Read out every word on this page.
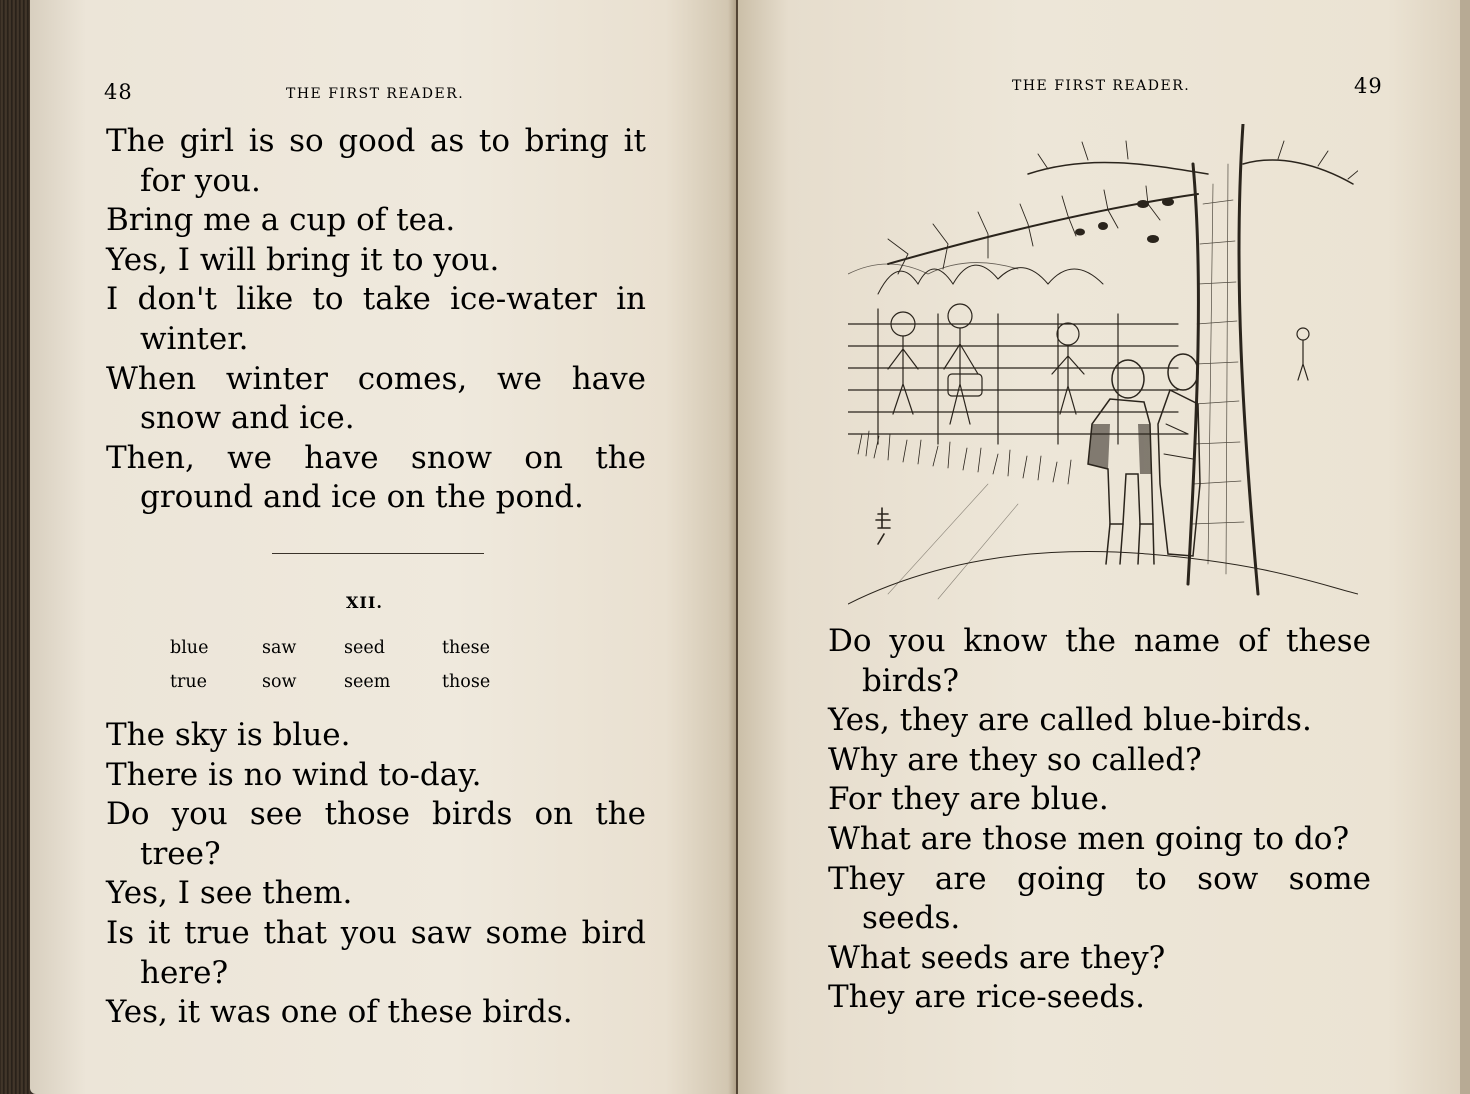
48	THE FIRST READER.

The girl is so good as to bring it for you.

Bring me a cup of tea.

Yes, I will bring it to you.

I don't like to take ice-water in winter.

When winter comes, we have snow and ice.

Then, we have snow on the ground and ice on the pond.

XII.
blue	saw	seed	these
true	sow	seem	those

The sky is blue.

There is no wind to-day.

Do you see those birds on the tree?

Yes, I see them.

Is it true that you saw some bird here?

Yes, it was one of these birds.

THE FIRST READER.	49

Do you know the name of these birds?

Yes, they are called blue-birds.

Why are they so called?

For they are blue.

What are those men going to do?

They are going to sow some seeds.

What seeds are they?

They are rice-seeds.
